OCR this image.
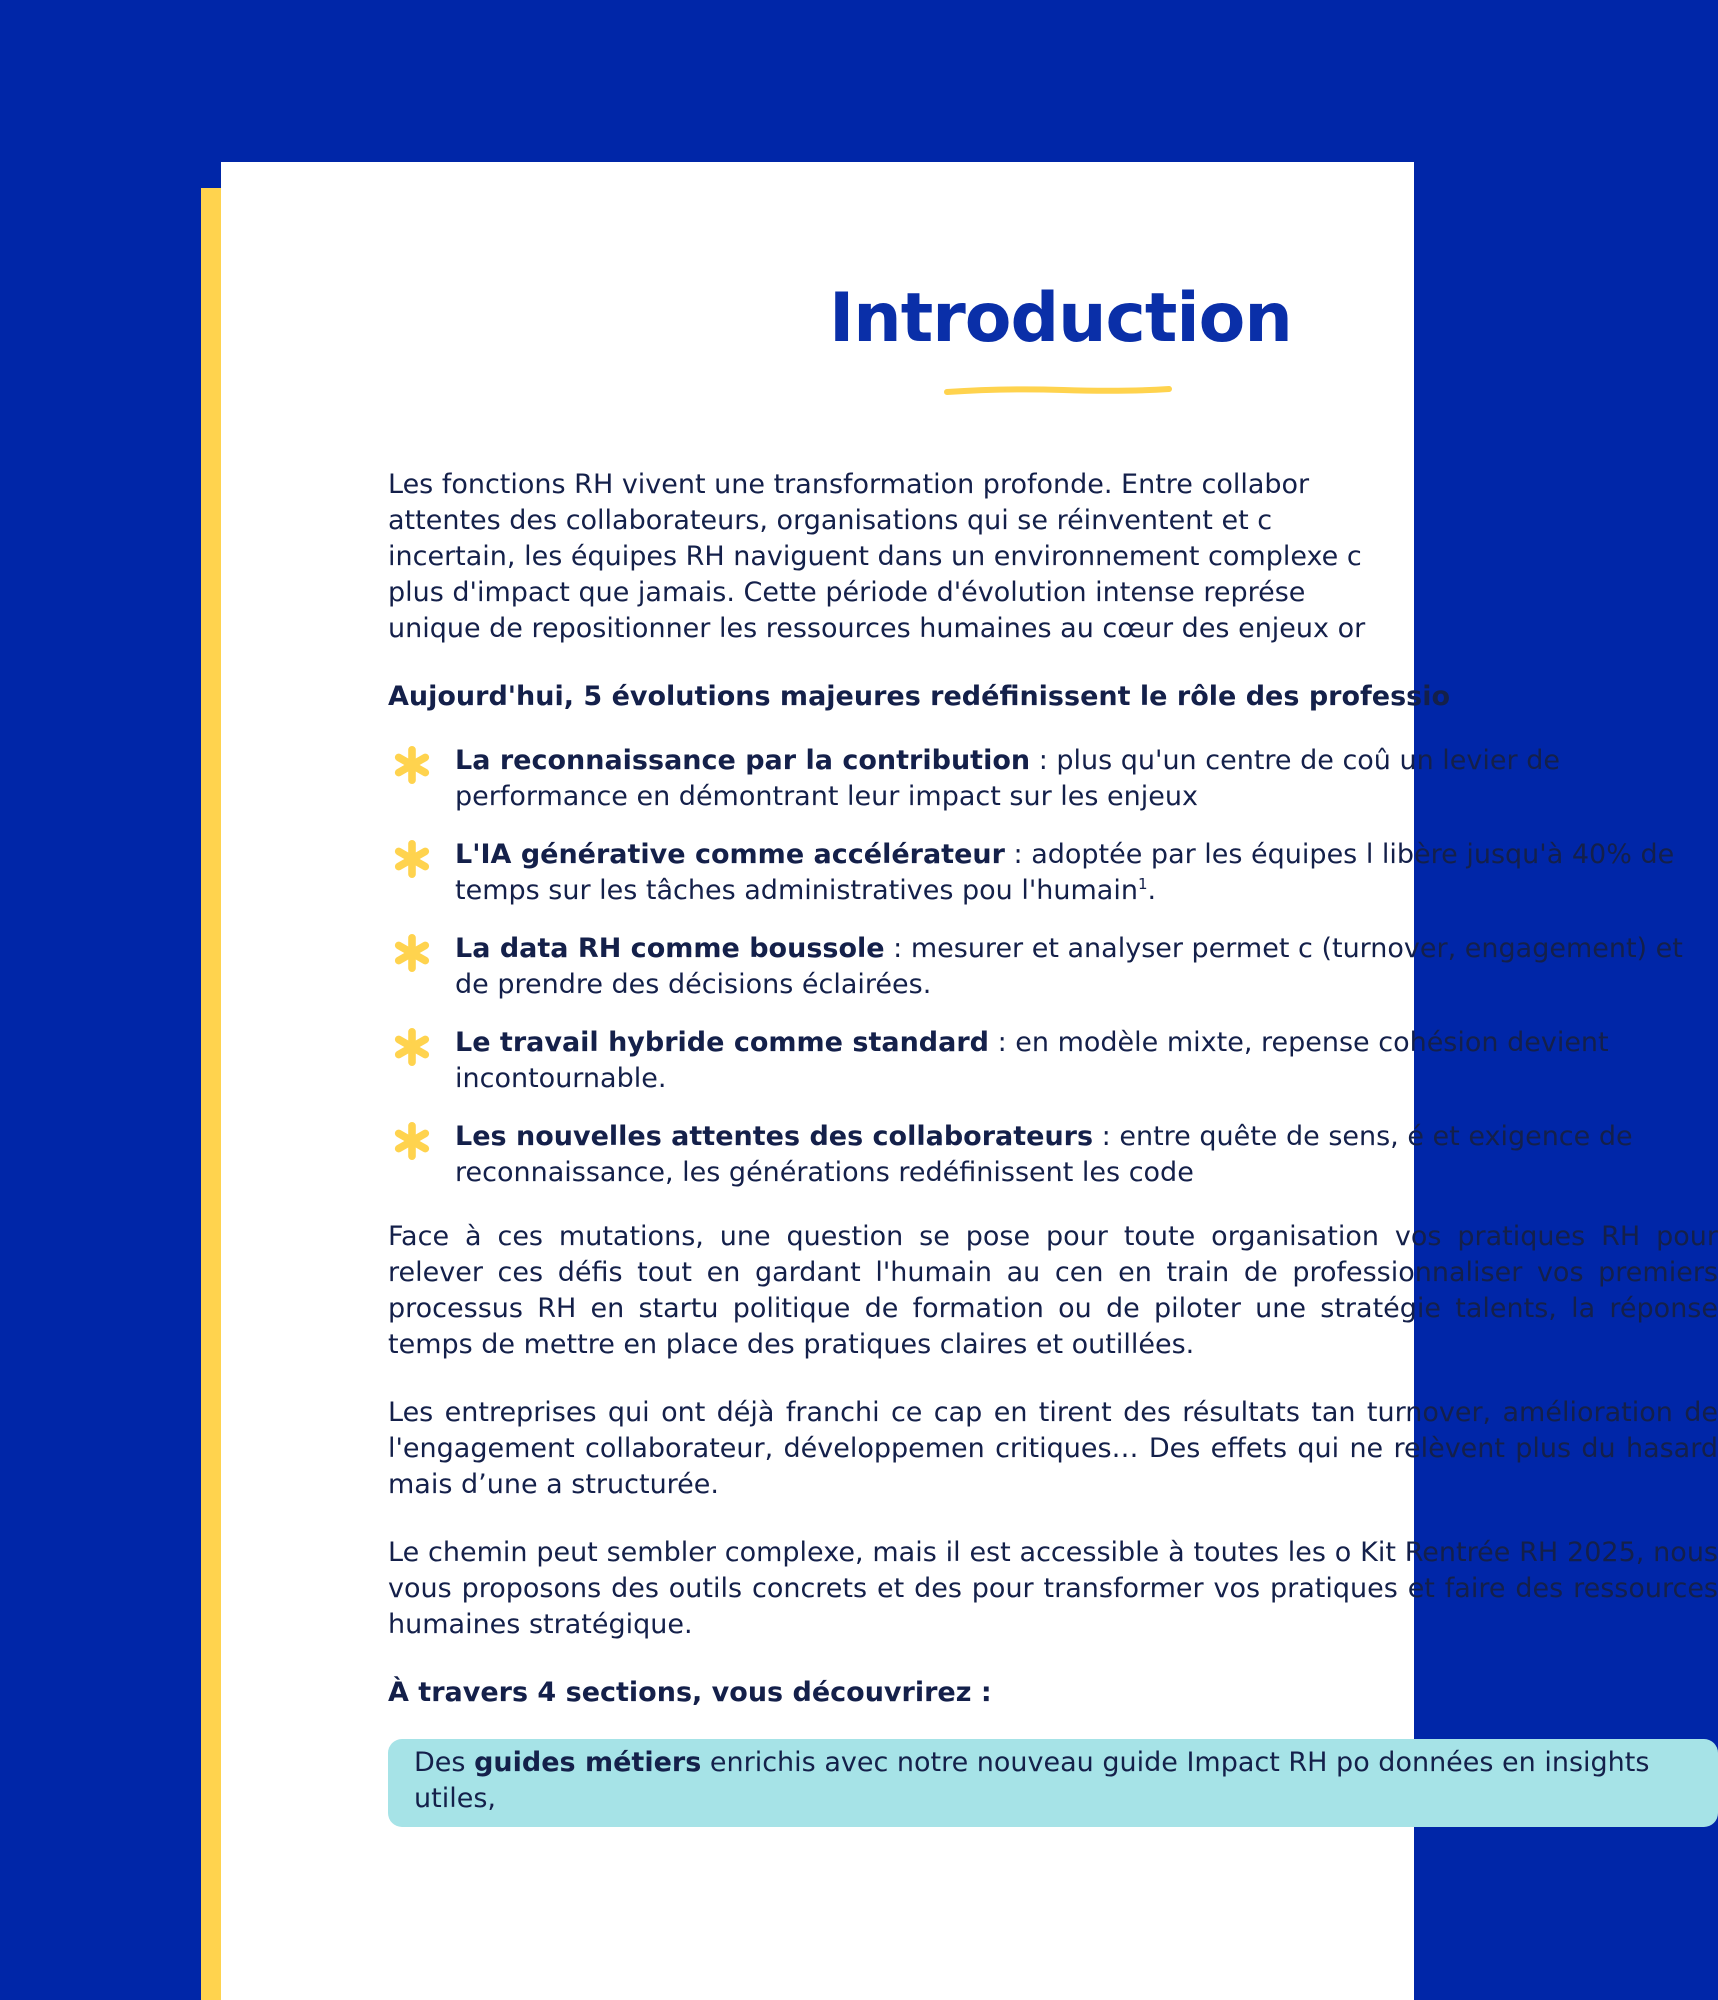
Introduction

Les fonctions RH vivent une transformation profonde. Entre collabor
attentes des collaborateurs, organisations qui se réinventent et c
incertain, les équipes RH naviguent dans un environnement complexe c
plus d'impact que jamais. Cette période d'évolution intense représe
unique de repositionner les ressources humaines au cœur des enjeux or

Aujourd'hui, 5 évolutions majeures redéfinissent le rôle des professio

La reconnaissance par la contribution : plus qu'un centre de coû un levier de performance en démontrant leur impact sur les enjeux
L'IA générative comme accélérateur : adoptée par les équipes l libère jusqu'à 40% de temps sur les tâches administratives pou l'humain$^1$.
La data RH comme boussole : mesurer et analyser permet c (turnover, engagement) et de prendre des décisions éclairées.
Le travail hybride comme standard : en modèle mixte, repense cohésion devient incontournable.
Les nouvelles attentes des collaborateurs : entre quête de sens, é et exigence de reconnaissance, les générations redéfinissent les code

Face à ces mutations, une question se pose pour toute organisation vos pratiques RH pour relever ces défis tout en gardant l'humain au cen en train de professionnaliser vos premiers processus RH en startu politique de formation ou de piloter une stratégie talents, la réponse temps de mettre en place des pratiques claires et outillées.

Les entreprises qui ont déjà franchi ce cap en tirent des résultats tan turnover, amélioration de l'engagement collaborateur, développemen critiques… Des effets qui ne relèvent plus du hasard mais d’une a structurée.

Le chemin peut sembler complexe, mais il est accessible à toutes les o Kit Rentrée RH 2025, nous vous proposons des outils concrets et des pour transformer vos pratiques et faire des ressources humaines stratégique.

À travers 4 sections, vous découvrirez :

Des guides métiers enrichis avec notre nouveau guide Impact RH po données en insights utiles,
